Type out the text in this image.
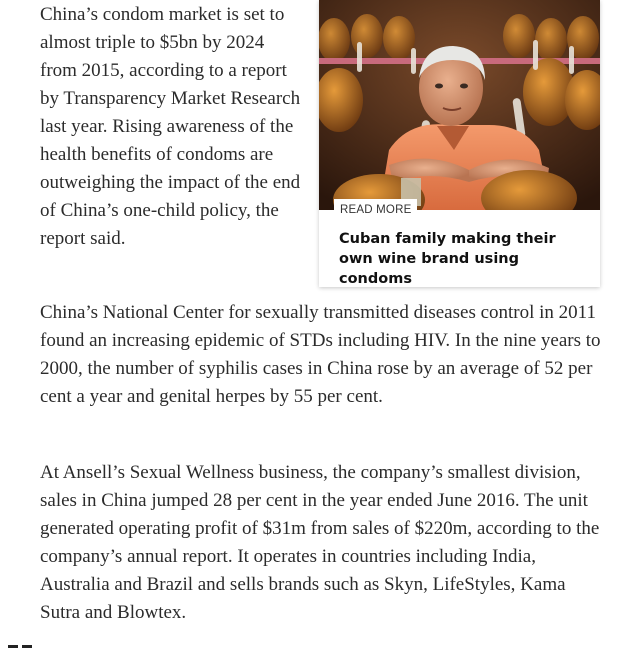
China’s condom market is set to almost triple to $5bn by 2024 from 2015, according to a report by Transparency Market Research last year. Rising awareness of the health benefits of condoms are outweighing the impact of the end of China’s one-child policy, the report said.

China’s National Center for sexually transmitted diseases control in 2011 found an increasing epidemic of STDs including HIV. In the nine years to 2000, the number of syphilis cases in China rose by an average of 52 per cent a year and genital herpes by 55 per cent.

At Ansell’s Sexual Wellness business, the company’s smallest division, sales in China jumped 28 per cent in the year ended June 2016. The unit generated operating profit of $31m from sales of $220m, according to the company’s annual report. It operates in countries including India, Australia and Brazil and sells brands such as Skyn, LifeStyles, Kama Sutra and Blowtex.

READ MORE
Cuban family making their own wine brand using condoms
